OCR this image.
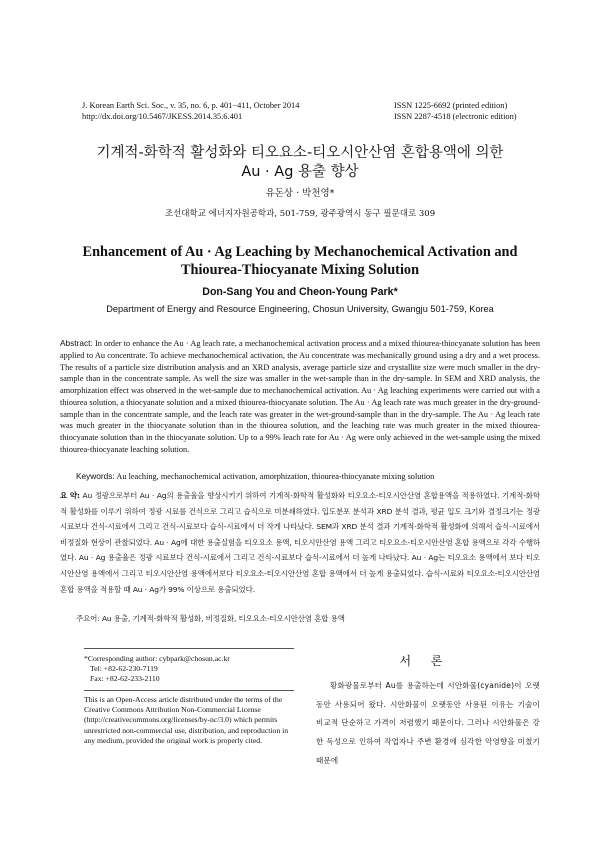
J. Korean Earth Sci. Soc., v. 35, no. 6, p. 401−411, October 2014
http://dx.doi.org/10.5467/JKESS.2014.35.6.401
ISSN 1225-6692 (printed edition)
ISSN 2287-4518 (electronic edition)
기계적-화학적 활성화와 티오요소-티오시안산염 혼합용액에 의한
Au · Ag 용출 향상
유돈상 · 박천영*
조선대학교 에너지자원공학과, 501-759, 광주광역시 동구 필문대로 309
Enhancement of Au · Ag Leaching by Mechanochemical Activation and
Thiourea-Thiocyanate Mixing Solution
Don-Sang You and Cheon-Young Park*
Department of Energy and Resource Engineering, Chosun University, Gwangju 501-759, Korea
Abstract: In order to enhance the Au · Ag leach rate, a mechanochemical activation process and a mixed thiourea-thiocyanate solution has been applied to Au concentrate. To achieve mechanochemical activation, the Au concentrate was mechanically ground using a dry and a wet process. The results of a particle size distribution analysis and an XRD analysis, average particle size and crystallite size were much smaller in the dry-sample than in the concentrate sample. As well the size was smaller in the wet-sample than in the dry-sample. In SEM and XRD analysis, the amorphization effect was observed in the wet-sample due to mechanochemical activation. Au · Ag leaching experiments were carried out with a thiourea solution, a thiocyanate solution and a mixed thiourea-thiocyanate solution. The Au · Ag leach rate was much greater in the dry-ground-sample than in the concentrate sample, and the leach rate was greater in the wet-ground-sample than in the dry-sample. The Au · Ag leach rate was much greater in the thiocyanate solution than in the thiourea solution, and the leaching rate was much greater in the mixed thiourea-thiocyanate solution than in the thiocyanate solution. Up to a 99% leach rate for Au · Ag were only achieved in the wet-sample using the mixed thiourea-thiocyanate leaching solution.
Keywords: Au leaching, mechanochemical activation, amorphization, thiourea-thiocyanate mixing solution
요 약: Au 정광으로부터 Au · Ag의 용출율을 향상시키기 위하여 기계적-화학적 활성화와 티오요소-티오시안산염 혼합용액을 적용하였다. 기계적-화학적 활성화를 이루기 위하여 정광 시료를 건식으로 그리고 습식으로 미분쇄하였다. 입도분포 분석과 XRD 분석 결과, 평균 입도 크기와 결정크기는 정광 시료보다 건식-시료에서 그리고 건식-시료보다 습식-시료에서 더 작게 나타났다. SEM과 XRD 분석 결과 기계적-화학적 활성화에 의해서 습식-시료에서 비정질화 현상이 관찰되었다. Au · Ag에 대한 용출실험을 티오요소 용액, 티오시안산염 용액 그리고 티오요소-티오시안산염 혼합 용액으로 각각 수행하였다. Au · Ag 용출율은 정광 시료보다 건식-시료에서 그리고 건식-시료보다 습식-시료에서 더 높게 나타났다. Au · Ag는 티오요소 용액에서 보다 티오시안산염 용액에서 그리고 티오시안산염 용액에서보다 티오요소-티오시안산염 혼합 용액에서 더 높게 용출되었다. 습식-시료와 티오요소-티오시안산염 혼합 용액을 적용할 때 Au · Ag가 99% 이상으로 용출되었다.
주요어: Au 용출, 기계적-화학적 활성화, 비정질화, 티오요소-티오시안산염 혼합 용액
*Corresponding author: cybpark@chosun.ac.kr
Tel: +82-62-230-7119
Fax: +82-62-233-2110
This is an Open-Access article distributed under the terms of the Creative Commons Attribution Non-Commercial License (http://creativecommons.org/licenses/by-nc/3.0) which permits unrestricted non-commercial use, distribution, and reproduction in any medium, provided the original work is properly cited.
서 론

황화광물로부터 Au를 용출하는데 시안화물(cyanide)이 오랫동안 사용되어 왔다. 시안화물이 오랫동안 사용된 이유는 기술이 비교적 단순하고 가격이 저렴했기 때문이다. 그러나 시안화물은 강한 독성으로 인하여 작업자나 주변 환경에 심각한 악영향을 미쳤기 때문에
